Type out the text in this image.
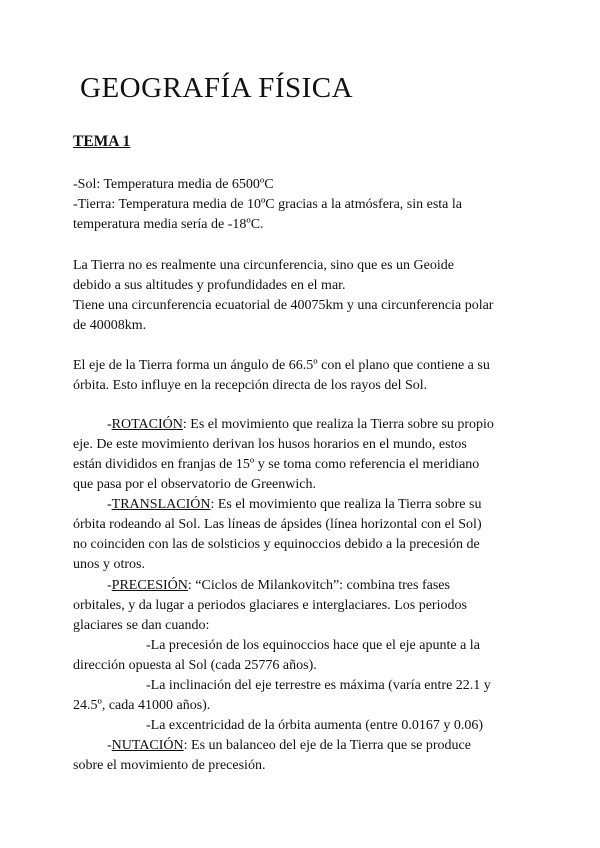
GEOGRAFÍA FÍSICA
TEMA 1
-Sol: Temperatura media de 6500ºC
-Tierra: Temperatura media de 10ºC gracias a la atmósfera, sin esta la
temperatura media sería de -18ºC.
La Tierra no es realmente una circunferencia, sino que es un Geoide
debido a sus altitudes y profundidades en el mar.
Tiene una circunferencia ecuatorial de 40075km y una circunferencia polar
de 40008km.
El eje de la Tierra forma un ángulo de 66.5º con el plano que contiene a su
órbita. Esto influye en la recepción directa de los rayos del Sol.
-ROTACIÓN: Es el movimiento que realiza la Tierra sobre su propio
eje. De este movimiento derivan los husos horarios en el mundo, estos
están divididos en franjas de 15º y se toma como referencia el meridiano
que pasa por el observatorio de Greenwich.
-TRANSLACIÓN: Es el movimiento que realiza la Tierra sobre su
órbita rodeando al Sol. Las líneas de ápsides (línea horizontal con el Sol)
no coinciden con las de solsticios y equinoccios debido a la precesión de
unos y otros.
-PRECESIÓN: “Ciclos de Milankovitch”: combina tres fases
orbitales, y da lugar a periodos glaciares e interglaciares. Los periodos
glaciares se dan cuando:
-La precesión de los equinoccios hace que el eje apunte a la
dirección opuesta al Sol (cada 25776 años).
-La inclinación del eje terrestre es máxima (varía entre 22.1 y
24.5º, cada 41000 años).
-La excentricidad de la órbita aumenta (entre 0.0167 y 0.06)
-NUTACIÓN: Es un balanceo del eje de la Tierra que se produce
sobre el movimiento de precesión.
